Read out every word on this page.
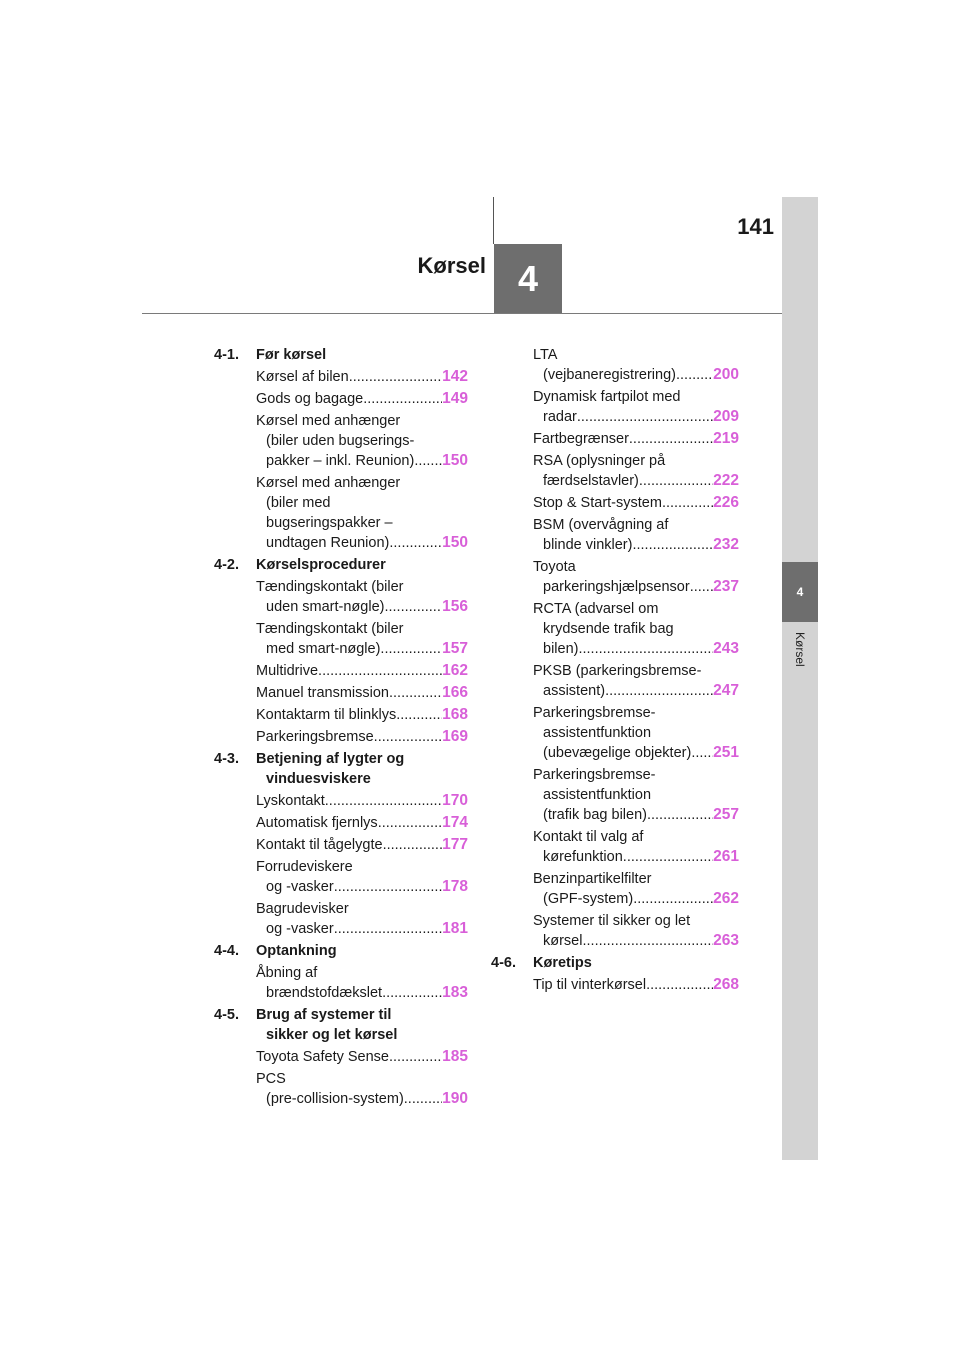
4
Kørsel
141
4
Kørsel
4-1.	Før kørsel
Kørsel af bilen .....	142
Gods og bagage .....	149
Kørsel med anhænger
(biler uden bugserings-
pakker – inkl. Reunion) ..... 150
Kørsel med anhænger
(biler med
bugseringspakker –
undtagen Reunion) .....	150
4-2.	Kørselsprocedurer
Tændingskontakt (biler
uden smart-nøgle) .....	156
Tændingskontakt (biler
med smart-nøgle) .....	157
Multidrive .....	162
Manuel transmission .....	166
Kontaktarm til blinklys .....	168
Parkeringsbremse .....	169
4-3.	Betjening af lygter og
vinduesviskere
Lyskontakt .....	170
Automatisk fjernlys .....	174
Kontakt til tågelygte .....	177
Forrudeviskere
og -vasker .....	178
Bagrudevisker
og -vasker .....	181
4-4.	Optankning
Åbning af
brændstofdækslet .....	183
4-5.	Brug af systemer til
sikker og let kørsel
Toyota Safety Sense .....	185
PCS
(pre-collision-system) ..... 190
LTA
(vejbaneregistrering) ..... 200
Dynamisk fartpilot med
radar .....	209
Fartbegrænser .....	219
RSA (oplysninger på
færdselstavler) .....	222
Stop & Start-system .....	226
BSM (overvågning af
blinde vinkler) .....	232
Toyota
parkeringshjælpsensor ..... 237
RCTA (advarsel om
krydsende trafik bag
bilen) .....	243
PKSB (parkeringsbremse-
assistent) .....	247
Parkeringsbremse-
assistentfunktion
(ubevægelige objekter) ..... 251
Parkeringsbremse-
assistentfunktion
(trafik bag bilen) .....	257
Kontakt til valg af
kørefunktion .....	261
Benzinpartikelfilter
(GPF-system) .....	262
Systemer til sikker og let
kørsel .....	263
4-6.	Køretips
Tip til vinterkørsel .....	268
